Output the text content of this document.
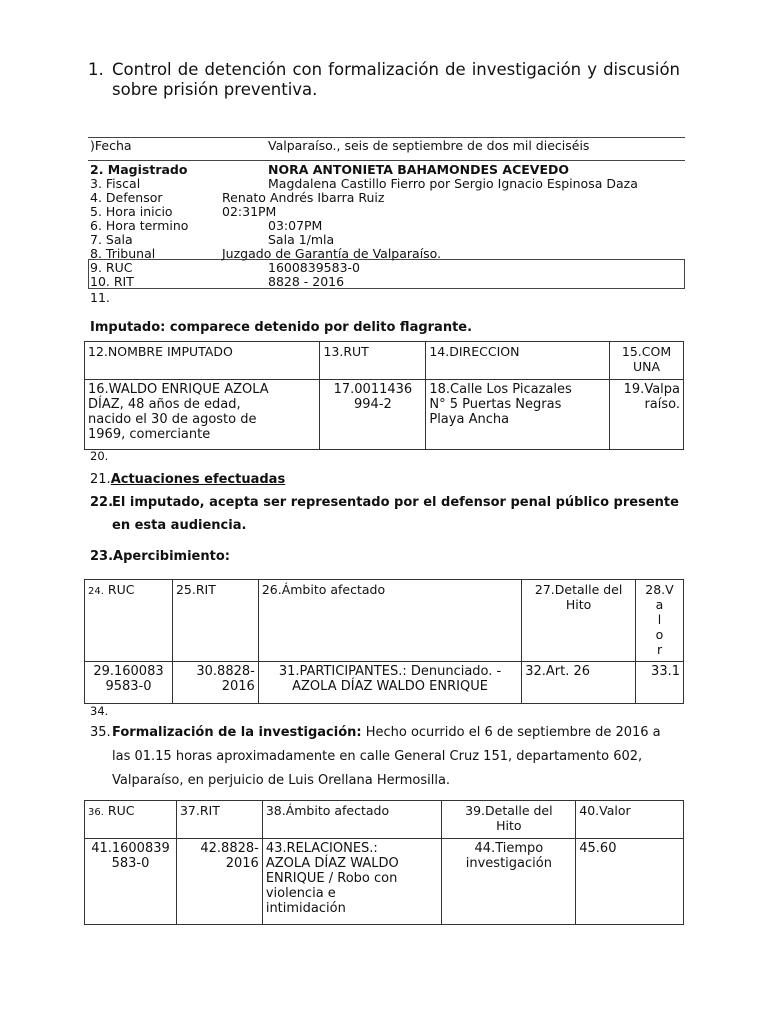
1. Control de detención con formalización de investigación y discusión sobre prisión preventiva.
)Fecha	Valparaíso., seis de septiembre de dos mil dieciséis
2. Magistrado	NORA ANTONIETA BAHAMONDES ACEVEDO
3. Fiscal	Magdalena Castillo Fierro por Sergio Ignacio Espinosa Daza
4. Defensor	Renato Andrés Ibarra Ruiz
5. Hora inicio	02:31PM
6. Hora termino	03:07PM
7. Sala	Sala 1/mla
8. Tribunal	Juzgado de Garantía de Valparaíso.
9. RUC	1600839583-0
10. RIT	8828 - 2016
11.
Imputado: comparece detenido por delito flagrante.
12.NOMBRE IMPUTADO	13.RUT	14.DIRECCION	15.COM
UNA
16.WALDO ENRIQUE AZOLA
DÍAZ, 48 años de edad,
nacido el 30 de agosto de
1969, comerciante	17.0011436
994-2	18.Calle Los Picazales
N° 5 Puertas Negras
Playa Ancha	19.Valpa
raíso.
20.
21.Actuaciones efectuadas
22.
El imputado, acepta ser representado por el defensor penal público presente
en esta audiencia.
23.Apercibimiento:
24. RUC	25.RIT	26.Ámbito afectado	27.Detalle del
Hito	28.V
a
l
o
r
29.160083
9583-0	30.8828-
2016	31.PARTICIPANTES.: Denunciado. -
AZOLA DÍAZ WALDO ENRIQUE	32.Art. 26	33.1
34.
35. Formalización de la investigación: Hecho ocurrido el 6 de septiembre de 2016 a
las 01.15 horas aproximadamente en calle General Cruz 151, departamento 602,
Valparaíso, en perjuicio de Luis Orellana Hermosilla.
36. RUC	37.RIT	38.Ámbito afectado	39.Detalle del
Hito	40.Valor
41.1600839
583-0	42.8828-
2016	43.RELACIONES.:
AZOLA DÍAZ WALDO
ENRIQUE / Robo con
violencia e
intimidación	44.Tiempo
investigación	45.60
